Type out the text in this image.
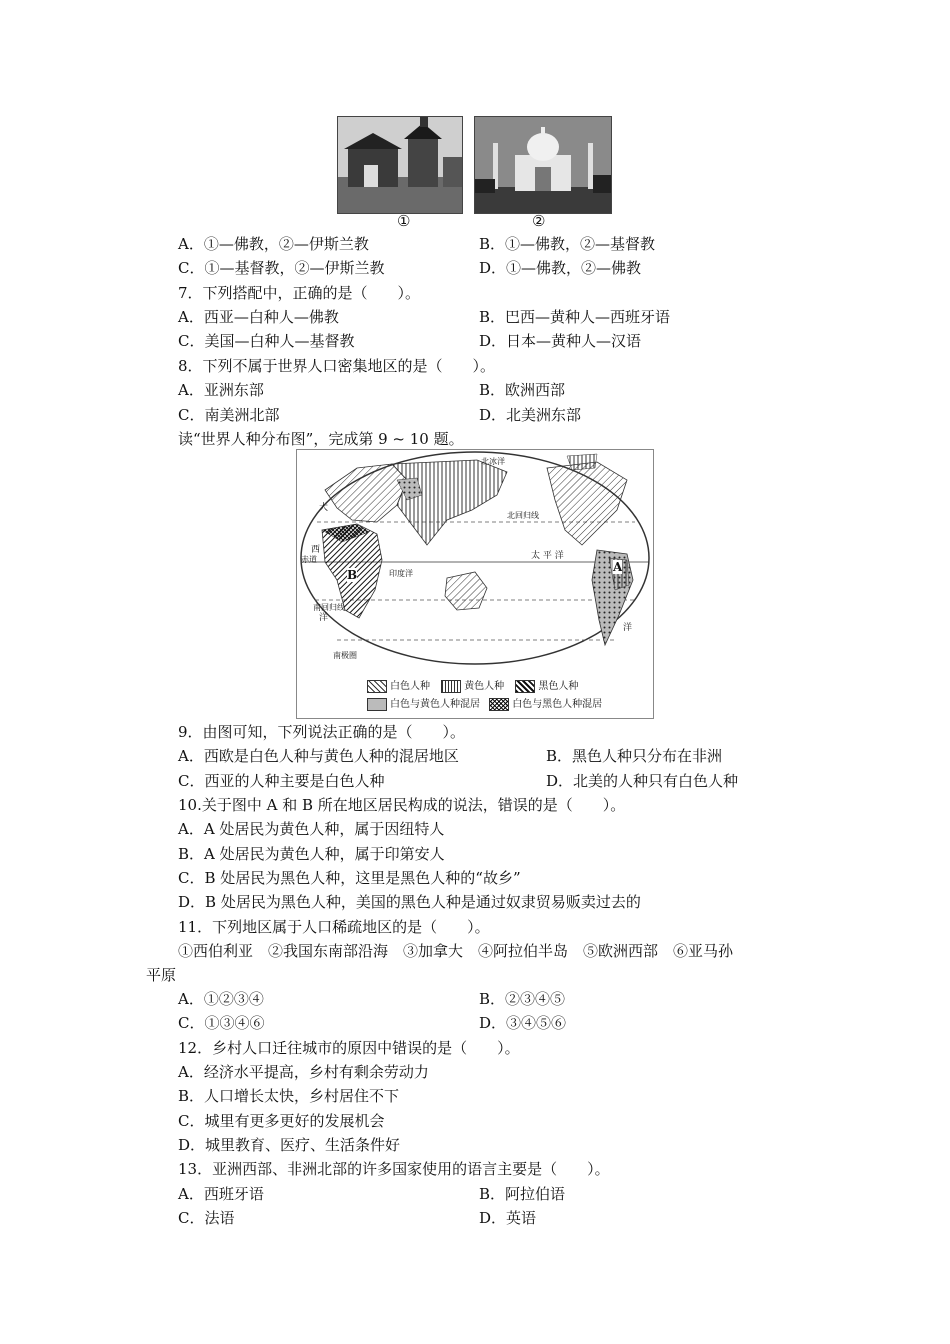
①	②
A．①—佛教，②—伊斯兰教	B．①—佛教，②—基督教
C．①—基督教，②—伊斯兰教	D．①—佛教，②—佛教
7．下列搭配中，正确的是（　　）。
A．西亚—白种人—佛教	B．巴西—黄种人—西班牙语
C．美国—白种人—基督教	D．日本—黄种人—汉语
8．下列不属于世界人口密集地区的是（　　）。
A．亚洲东部	B．欧洲西部
C．南美洲北部	D．北美洲东部
读“世界人种分布图”，完成第 9 ~ 10 题。
北冰洋
北回归线
太 平 洋
印度洋
赤道
南回归线
南极圈
大
西
洋
洋
A
B
白色人种	黄色人种	黑色人种
白色与黄色人种混居	白色与黑色人种混居
9．由图可知，下列说法正确的是（　　）。
A．西欧是白色人种与黄色人种的混居地区	B．黑色人种只分布在非洲
C．西亚的人种主要是白色人种	D．北美的人种只有白色人种
10.关于图中 A 和 B 所在地区居民构成的说法，错误的是（　　）。
A．A 处居民为黄色人种，属于因纽特人
B．A 处居民为黄色人种，属于印第安人
C．B 处居民为黑色人种，这里是黑色人种的“故乡”
D．B 处居民为黑色人种，美国的黑色人种是通过奴隶贸易贩卖过去的
11．下列地区属于人口稀疏地区的是（　　）。
①西伯利亚　②我国东南部沿海　③加拿大　④阿拉伯半岛　⑤欧洲西部　⑥亚马孙
平原
A．①②③④	B．②③④⑤
C．①③④⑥	D．③④⑤⑥
12．乡村人口迁往城市的原因中错误的是（　　）。
A．经济水平提高，乡村有剩余劳动力
B．人口增长太快，乡村居住不下
C．城里有更多更好的发展机会
D．城里教育、医疗、生活条件好
13．亚洲西部、非洲北部的许多国家使用的语言主要是（　　）。
A．西班牙语	B．阿拉伯语
C．法语	D．英语
